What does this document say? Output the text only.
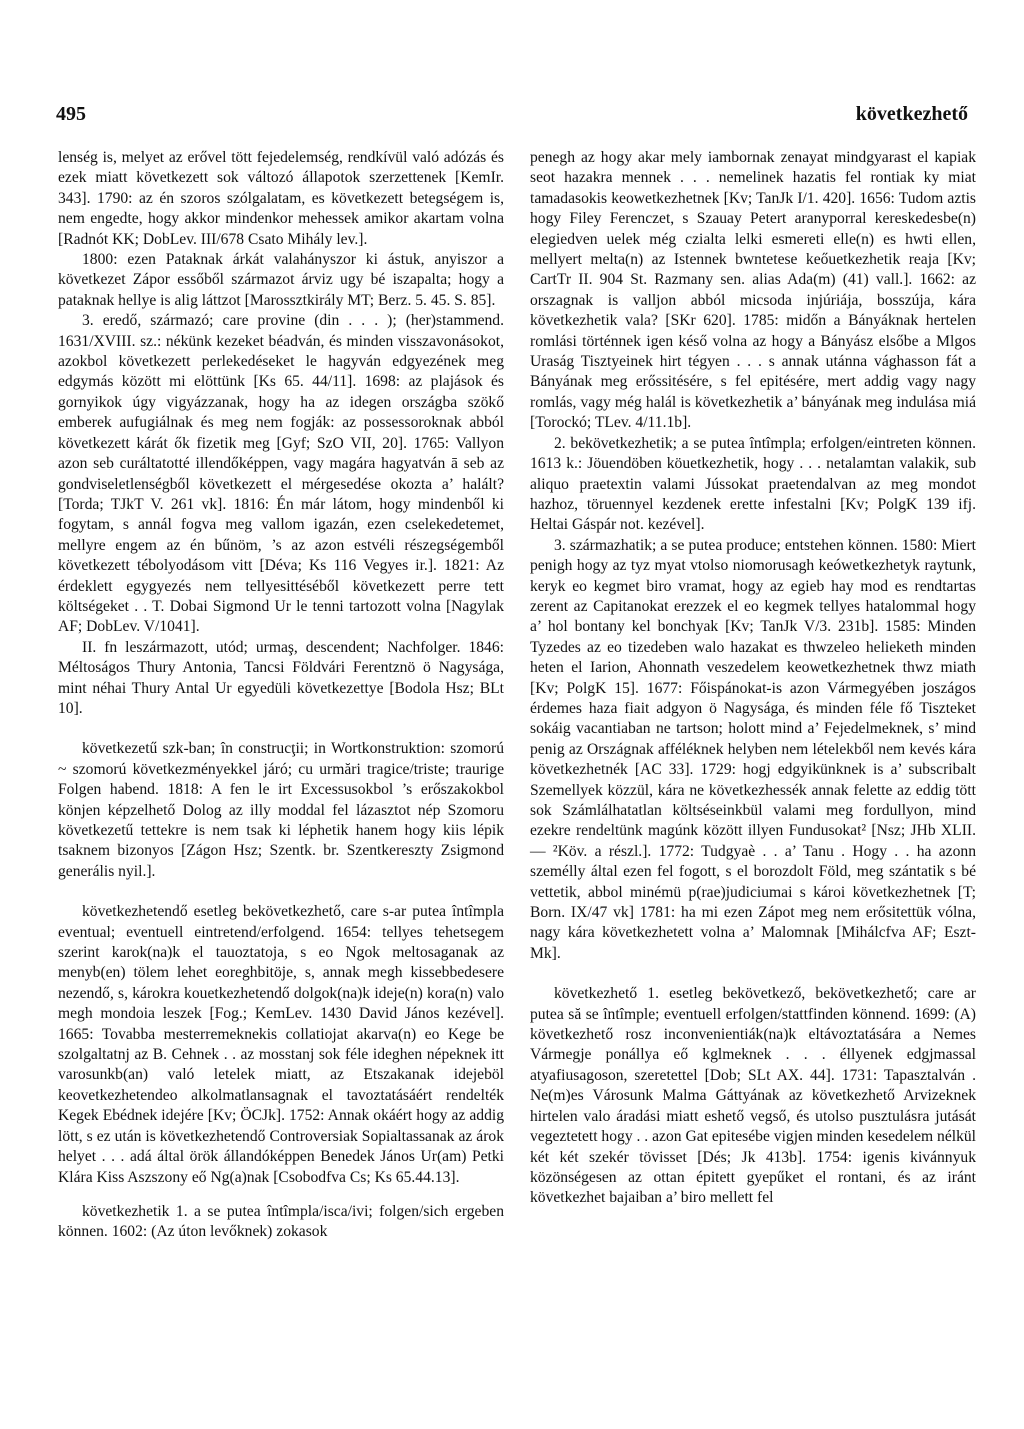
495	következhető

lenség is, melyet az erővel tött fejedelemség, rendkívül való adózás és ezek miatt következett sok változó állapotok szerzettenek [KemIr. 343]. 1790: az én szoros szólgalatam, es következett betegségem is, nem engedte, hogy akkor mindenkor mehessek amikor akartam volna [Radnót KK; DobLev. III/678 Csato Mihály lev.].

1800: ezen Pataknak árkát valahányszor ki ástuk, anyiszor a következet Zápor essőből származot árviz ugy bé iszapalta; hogy a pataknak hellye is alig láttzot [Marossztkirály MT; Berz. 5. 45. S. 85].

3. eredő, származó; care provine (din . . . ); (her)stammend. 1631/XVIII. sz.: nékünk kezeket béadván, és minden visszavonásokot, azokbol következett perlekedéseket le hagyván edgyezének meg edgymás között mi elöttünk [Ks 65. 44/11]. 1698: az plajások és gornyikok úgy vigyázzanak, hogy ha az idegen országba szökő emberek aufugiálnak és meg nem fogják: az possessoroknak abból következett kárát ők fizetik meg [Gyf; SzO VII, 20]. 1765: Vallyon azon seb curáltatotté illendőképpen, vagy magára hagyatván ā seb az gondviseletlenségből következett el mérgesedése okozta a’ halált? [Torda; TJkT V. 261 vk]. 1816: Én már látom, hogy mindenből ki fogytam, s annál fogva meg vallom igazán, ezen cselekedetemet, mellyre engem az én bűnöm, ’s az azon estvéli részegségemből következett tébolyodásom vitt [Déva; Ks 116 Vegyes ir.]. 1821: Az érdeklett egygyezés nem tellyesittéséből következett perre tett költségeket . . T. Dobai Sigmond Ur le tenni tartozott volna [Nagylak AF; DobLev. V/1041].

II. fn leszármazott, utód; urmaş, descendent; Nachfolger. 1846: Méltoságos Thury Antonia, Tancsi Földvári Ferentznö ö Nagysága, mint néhai Thury Antal Ur egyedüli következettye [Bodola Hsz; BLt 10].

következetű szk-ban; în construcţii; in Wortkonstruktion: szomorú ~ szomorú következményekkel járó; cu urmări tragice/triste; traurige Folgen habend. 1818: A fen le irt Excessusokbol ’s erőszakokbol könjen képzelhető Dolog az illy moddal fel lázasztot nép Szomoru következetű tettekre is nem tsak ki léphetik hanem hogy kiis lépik tsaknem bizonyos [Zágon Hsz; Szentk. br. Szentkereszty Zsigmond generális nyil.].

következhetendő esetleg bekövetkezhető, care s-ar putea întîmpla eventual; eventuell eintretend/erfolgend. 1654: tellyes tehetsegem szerint karok(na)k el tauoztatoja, s eo Ngok meltosaganak az menyb(en) tölem lehet eoreghbitöje, s, annak megh kissebbedesere nezendő, s, károkra kouetkezhetendő dolgok(na)k ideje(n) kora(n) valo megh mondoia leszek [Fog.; KemLev. 1430 David János kezével]. 1665: Tovabba mesterremeknekis collatiojat akarva(n) eo Kege be szolgaltatnj az B. Cehnek . . az mosstanj sok féle ideghen népeknek itt varosunkb(an) való letelek miatt, az Etszakanak idejeböl keovetkezhetendeo alkolmatlansagnak el tavoztatásáért rendelték Kegek Ebédnek idejére [Kv; ÖCJk]. 1752: Annak okáért hogy az addig lött, s ez után is következhetendő Controversiak Sopialtassanak az árok helyet . . . adá által örök állandóképpen Benedek János Ur(am) Petki Klára Kiss Aszszony eő Ng(a)nak [Csobodfva Cs; Ks 65.44.13].

következhetik 1. a se putea întîmpla/isca/ivi; folgen/sich ergeben können. 1602: (Az úton levőknek) zokasok

penegh az hogy akar mely iambornak zenayat mindgyarast el kapiak seot hazakra mennek . . . nemelinek hazatis fel rontiak ky miat tamadasokis keowetkezhetnek [Kv; TanJk I/1. 420]. 1656: Tudom aztis hogy Filey Ferenczet, s Szauay Petert aranyporral kereskedesbe(n) elegiedven uelek még czialta lelki esmereti elle(n) es hwti ellen, mellyert melta(n) az Istennek bwntetese keőuetkezhetik reaja [Kv; CartTr II. 904 St. Razmany sen. alias Ada(m) (41) vall.]. 1662: az orszagnak is valljon abból micsoda injúriája, bosszúja, kára következhetik vala? [SKr 620]. 1785: midőn a Bányáknak hertelen romlási történnek igen késő volna az hogy a Bányász elsőbe a Mlgos Uraság Tisztyeinek hirt tégyen . . . s annak utánna vághasson fát a Bányának meg erőssitésére, s fel epitésére, mert addig vagy nagy romlás, vagy még halál is következhetik a’ bányának meg indulása miá [Torockó; TLev. 4/11.1b].

2. bekövetkezhetik; a se putea întîmpla; erfolgen/eintreten können. 1613 k.: Jöuendöben köuetkezhetik, hogy . . . netalamtan valakik, sub aliquo praetextin valami Jússokat praetendalvan az meg mondot hazhoz, töruennyel kezdenek erette infestalni [Kv; PolgK 139 ifj. Heltai Gáspár not. kezével].

3. származhatik; a se putea produce; entstehen können. 1580: Miert penigh hogy az tyz myat vtolso niomorusagh keówetkezhetyk raytunk, keryk eo kegmet biro vramat, hogy az egieb hay mod es rendtartas zerent az Capitanokat erezzek el eo kegmek tellyes hatalommal hogy a’ hol bontany kel bonchyak [Kv; TanJk V/3. 231b]. 1585: Minden Tyzedes az eo tizedeben walo hazakat es thwzeleo helieketh minden heten el Iarion, Ahonnath veszedelem keowetkezhetnek thwz miath [Kv; PolgK 15]. 1677: Főispánokat-is azon Vármegyében joszágos érdemes haza fiait adgyon ö Nagysága, és minden féle fő Tiszteket sokáig vacantiaban ne tartson; holott mind a’ Fejedelmeknek, s’ mind penig az Országnak afféléknek helyben nem lételekből nem kevés kára következhetnék [AC 33]. 1729: hogj edgyikünknek is a’ subscribalt Szemellyek közzül, kára ne következhessék annak felette az eddig tött sok Számlálhatatlan költséseinkbül valami meg fordullyon, mind ezekre rendeltünk magúnk között illyen Fundusokat² [Nsz; JHb XLII. — ²Köv. a részl.]. 1772: Tudgyaè . . a’ Tanu . Hogy . . ha azonn személly által ezen fel fogott, s el borozdolt Föld, meg szántatik s bé vettetik, abbol minémü p(rae)judiciumai s károi következhetnek [T; Born. IX/47 vk] 1781: ha mi ezen Zápot meg nem erősitettük vólna, nagy kára következhetett volna a’ Malomnak [Mihálcfva AF; Eszt-Mk].

következhető 1. esetleg bekövetkező, bekövetkezhető; care ar putea să se întîmple; eventuell erfolgen/stattfinden könnend. 1699: (A) következhető rosz inconvenientiák(na)k eltávoztatására a Nemes Vármegje ponállya eő kglmeknek . . . éllyenek edgjmassal atyafiusagoson, szeretettel [Dob; SLt AX. 44]. 1731: Tapasztalván . Ne(m)es Városunk Malma Gáttyának az következhető Arvizeknek hirtelen valo áradási miatt eshető vegső, és utolso pusztulásra jutását vegeztetett hogy . . azon Gat epitesébe vigjen minden kesedelem nélkül két két szekér tövisset [Dés; Jk 413b]. 1754: igenis kivánnyuk közönségesen az ottan épitett gyepűket el rontani, és az iránt következhet bajaiban a’ biro mellett fel
